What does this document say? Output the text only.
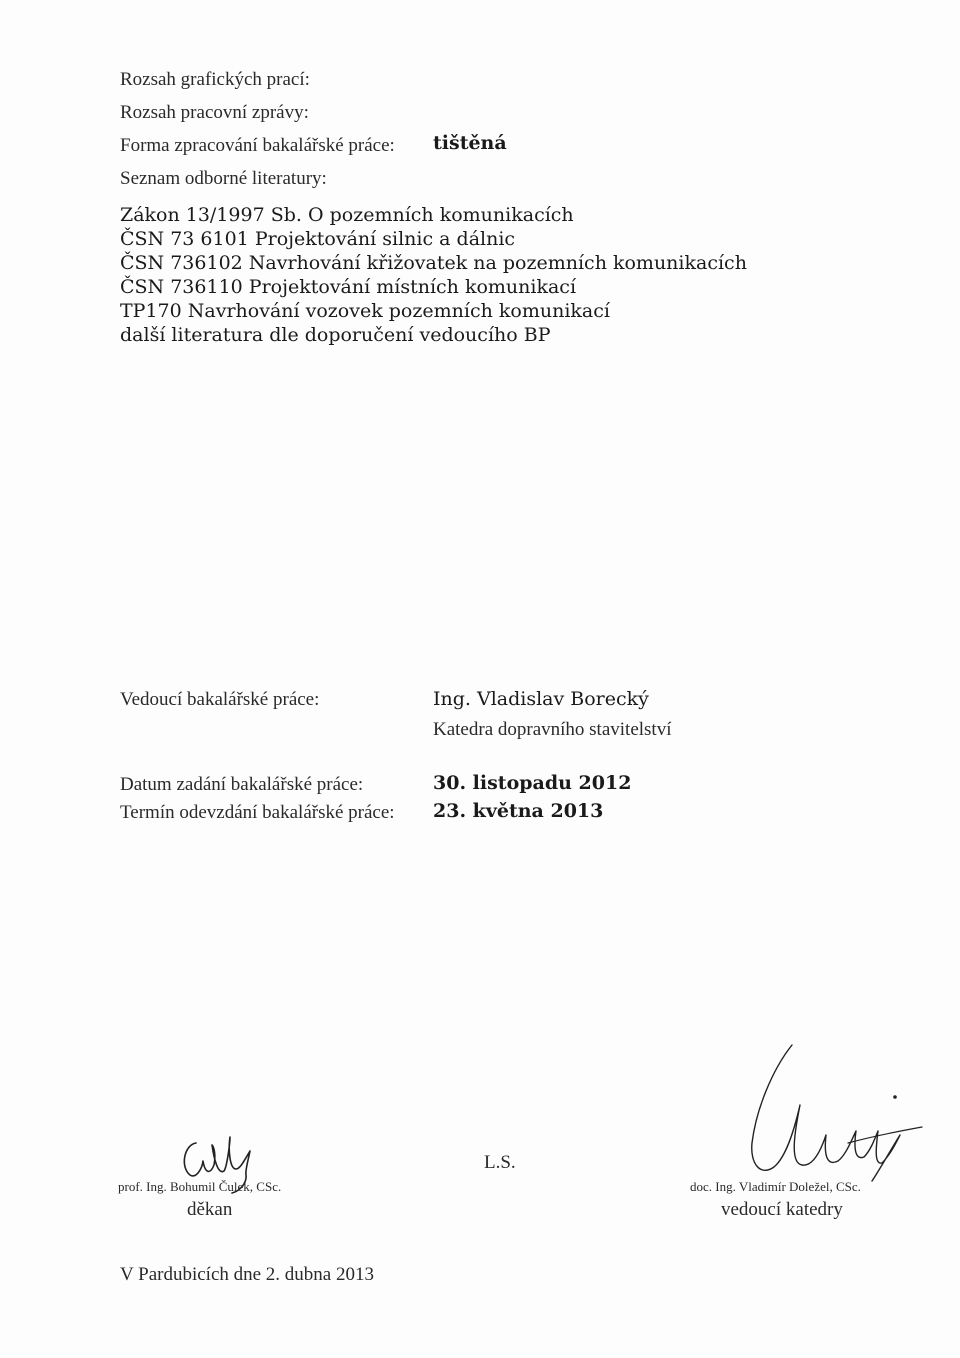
Rozsah grafických prací:
Rozsah pracovní zprávy:
Forma zpracování bakalářské práce: tištěná
Seznam odborné literatury:
Zákon 13/1997 Sb. O pozemních komunikacích
ČSN 73 6101 Projektování silnic a dálnic
ČSN 736102 Navrhování křižovatek na pozemních komunikacích
ČSN 736110 Projektování místních komunikací
TP170 Navrhování vozovek pozemních komunikací
další literatura dle doporučení vedoucího BP
Vedoucí bakalářské práce:	Ing. Vladislav Borecký
Katedra dopravního stavitelství
Datum zadání bakalářské práce:	30. listopadu 2012
Termín odevzdání bakalářské práce: 23. května 2013
prof. Ing. Bohumil Čulek, CSc.
děkan
L.S.
doc. Ing. Vladimír Doležel, CSc.
vedoucí katedry
V Pardubicích dne 2. dubna 2013
